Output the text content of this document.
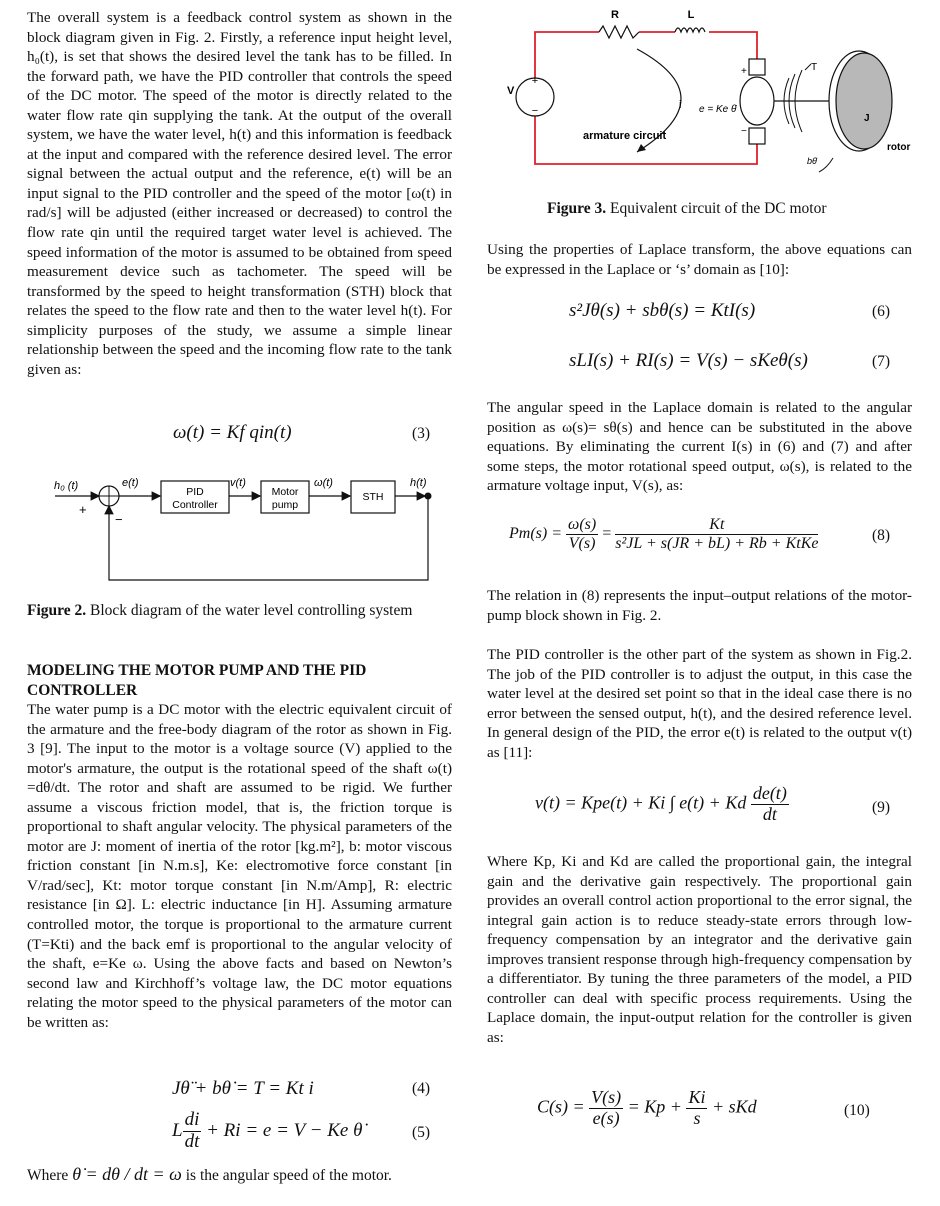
The overall system is a feedback control system as shown in the block diagram given in Fig. 2. Firstly, a reference input height level, h₀(t), is set that shows the desired level the tank has to be filled. In the forward path, we have the PID controller that controls the speed of the DC motor. The speed of the motor is directly related to the water flow rate qin supplying the tank. At the output of the overall system, we have the water level, h(t) and this information is feedback at the input and compared with the reference desired level. The error signal between the actual output and the reference, e(t) will be an input signal to the PID controller and the speed of the motor [ω(t) in rad/s] will be adjusted (either increased or decreased) to control the flow rate qin until the required target water level is achieved. The speed information of the motor is assumed to be obtained from speed measurement device such as tachometer. The speed will be transformed by the speed to height transformation (STH) block that relates the speed to the flow rate and then to the water level h(t). For simplicity purposes of the study, we assume a simple linear relationship between the speed and the incoming flow rate to the tank given as:

ω(t) = Kf qin(t)	(3)
h₀ (t)
+
e(t)
PID
Controller
v(t)
Motor
pump
ω(t)
STH
h(t)
−
Figure 2. Block diagram of the water level controlling system
MODELING THE MOTOR PUMP AND THE PID CONTROLLER

The water pump is a DC motor with the electric equivalent circuit of the armature and the free-body diagram of the rotor as shown in Fig. 3 [9]. The input to the motor is a voltage source (V) applied to the motor's armature, the output is the rotational speed of the shaft ω(t) =dθ/dt. The rotor and shaft are assumed to be rigid. We further assume a viscous friction model, that is, the friction torque is proportional to shaft angular velocity. The physical parameters of the motor are J: moment of inertia of the rotor [kg.m²], b: motor viscous friction constant [in N.m.s], Ke: electromotive force constant [in V/rad/sec], Kt: motor torque constant [in N.m/Amp], R: electric resistance [in Ω]. L: electric inductance [in H]. Assuming armature controlled motor, the torque is proportional to the armature current (T=Kti) and the back emf is proportional to the angular velocity of the shaft, e=Ke ω. Using the above facts and based on Newton’s second law and Kirchhoff’s voltage law, the DC motor equations relating the motor speed to the physical parameters of the motor can be written as:

Jθ̈ + bθ̇ = T = Kt i	(4)
L $\frac{di}{dt} + Ri = e = V - Ke$ θ̇	(5)
Where θ̇ = dθ / dt = ω is the angular speed of the motor.
R	L
+
−
V
i
armature circuit
e = Ke θ̇
+
−
T
J
rotor
bθ̇
Figure 3. Equivalent circuit of the DC motor

Using the properties of Laplace transform, the above equations can be expressed in the Laplace or ‘s’ domain as [10]:

s²Jθ(s) + sbθ(s) = KtI(s)	(6)
sLI(s) + RI(s) = V(s) − sKeθ(s)	(7)

The angular speed in the Laplace domain is related to the angular position as ω(s)= sθ(s) and hence can be substituted in the above equations. By eliminating the current I(s) in (6) and (7) and after some steps, the motor rotational speed output, ω(s), is related to the armature voltage input, V(s), as:

$Pm(s) = \frac{\omega(s)}{V(s)} = \frac{Kt}{\text{s²JL + s(JR + bL) + Rb + KtKe}}$	(8)

The relation in (8) represents the input–output relations of the motor-pump block shown in Fig. 2.

The PID controller is the other part of the system as shown in Fig.2. The job of the PID controller is to adjust the output, in this case the water level at the desired set point so that in the ideal case there is no error between the sensed output, h(t), and the desired reference level. In general design of the PID, the error e(t) is related to the output v(t) as [11]:

v(t) = Kpe(t) + Ki ∫ e(t) + Kd $\frac{de(t)}{dt}$	(9)

Where Kp, Ki and Kd are called the proportional gain, the integral gain and the derivative gain respectively. The proportional gain provides an overall control action proportional to the error signal, the integral gain action is to reduce steady-state errors through low-frequency compensation by an integrator and the derivative gain improves transient response through high-frequency compensation by a differentiator. By tuning the three parameters of the model, a PID controller can deal with specific process requirements. Using the Laplace domain, the input-output relation for the controller is given as:

$C(s) = \frac{V(s)}{e(s)} = Kp + \frac{Ki}{s}$ + sKd	(10)
